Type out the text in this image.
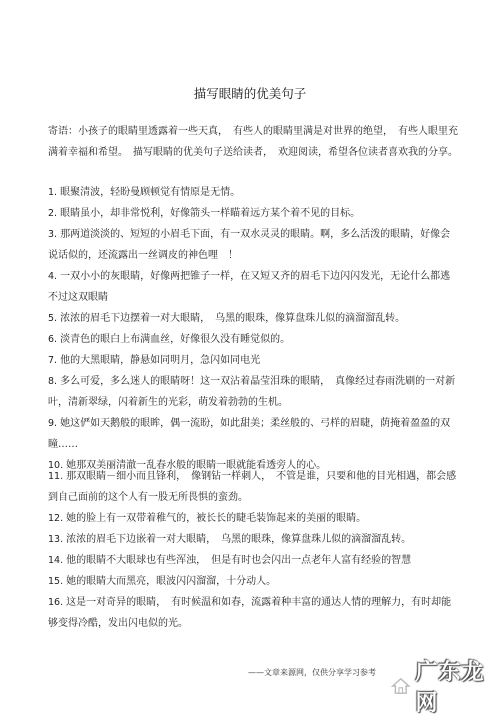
描写眼睛的优美句子
寄语：小孩子的眼睛里透露着一些天真，　有些人的眼睛里满是对世界的绝望，　有些人眼里充满着幸福和希望。　描写眼睛的优美句子送给读者，　欢迎阅读，希望各位读者喜欢我的分享。
1. 眼聚清波，轻盼曼顾顿觉有情原是无情。
2. 眼睛虽小，却非常悦利，好像箭头一样瞄着远方某个着不见的目标。
3. 那两道淡淡的、短短的小眉毛下面，有一双水灵灵的眼睛。啊，多么活泼的眼睛，好像会说话似的，还流露出一丝调皮的神色哩　！
4. 一双小小的灰眼睛，好像两把锥子一样，在又短又齐的眉毛下边闪闪发光，无论什么都逃不过这双眼睛
5. 浓浓的眉毛下边摆着一对大眼睛，　乌黑的眼珠，像算盘珠儿似的滴溜溜乱转。
6. 淡青色的眼白上布满血丝，好像很久没有睡觉似的。
7. 他的大黑眼睛，静悬如同明月，急闪如同电光
8. 多么可爱，多么迷人的眼睛呀！这一双沾着晶莹泪珠的眼睛，　真像经过春雨洗刷的一对新叶，清新翠绿，闪着新生的光彩，萌发着勃勃的生机。
9. 她这俨如天鹅般的眼眸，偶一流盼，如此甜美；柔丝般的、弓样的眉睫，荫掩着盈盈的双瞳……
10. 她那双美丽清澈一乱春水般的眼睛一眼就能看透旁人的心。
11. 那双眼睛－细小而且锋利，　像钢钻一样刺人，　不管是谁，只要和他的目光相遇，都会感到自己面前的这个人有一股无所畏惧的蛮劲。
12. 她的脸上有一双带着稚气的，被长长的睫毛装饰起来的美丽的眼睛。
13. 浓浓的眉毛下边嵌着一对大眼睛，　乌黑的眼珠，像算盘珠儿似的滴溜溜乱转。
14. 他的眼睛不大眼球也有些浑浊，　但是有时也会闪出一点老年人富有经验的智慧
15. 她的眼睛大而黑亮，眼波闪闪溜溜，十分动人。
16. 这是一对奇异的眼睛，　有时候温和如春，流露着种丰富的通达人情的理解力，有时却能够变得冷酷，发出闪电似的光。
——文章来源网，仅供分享学习参考	广东龙网
